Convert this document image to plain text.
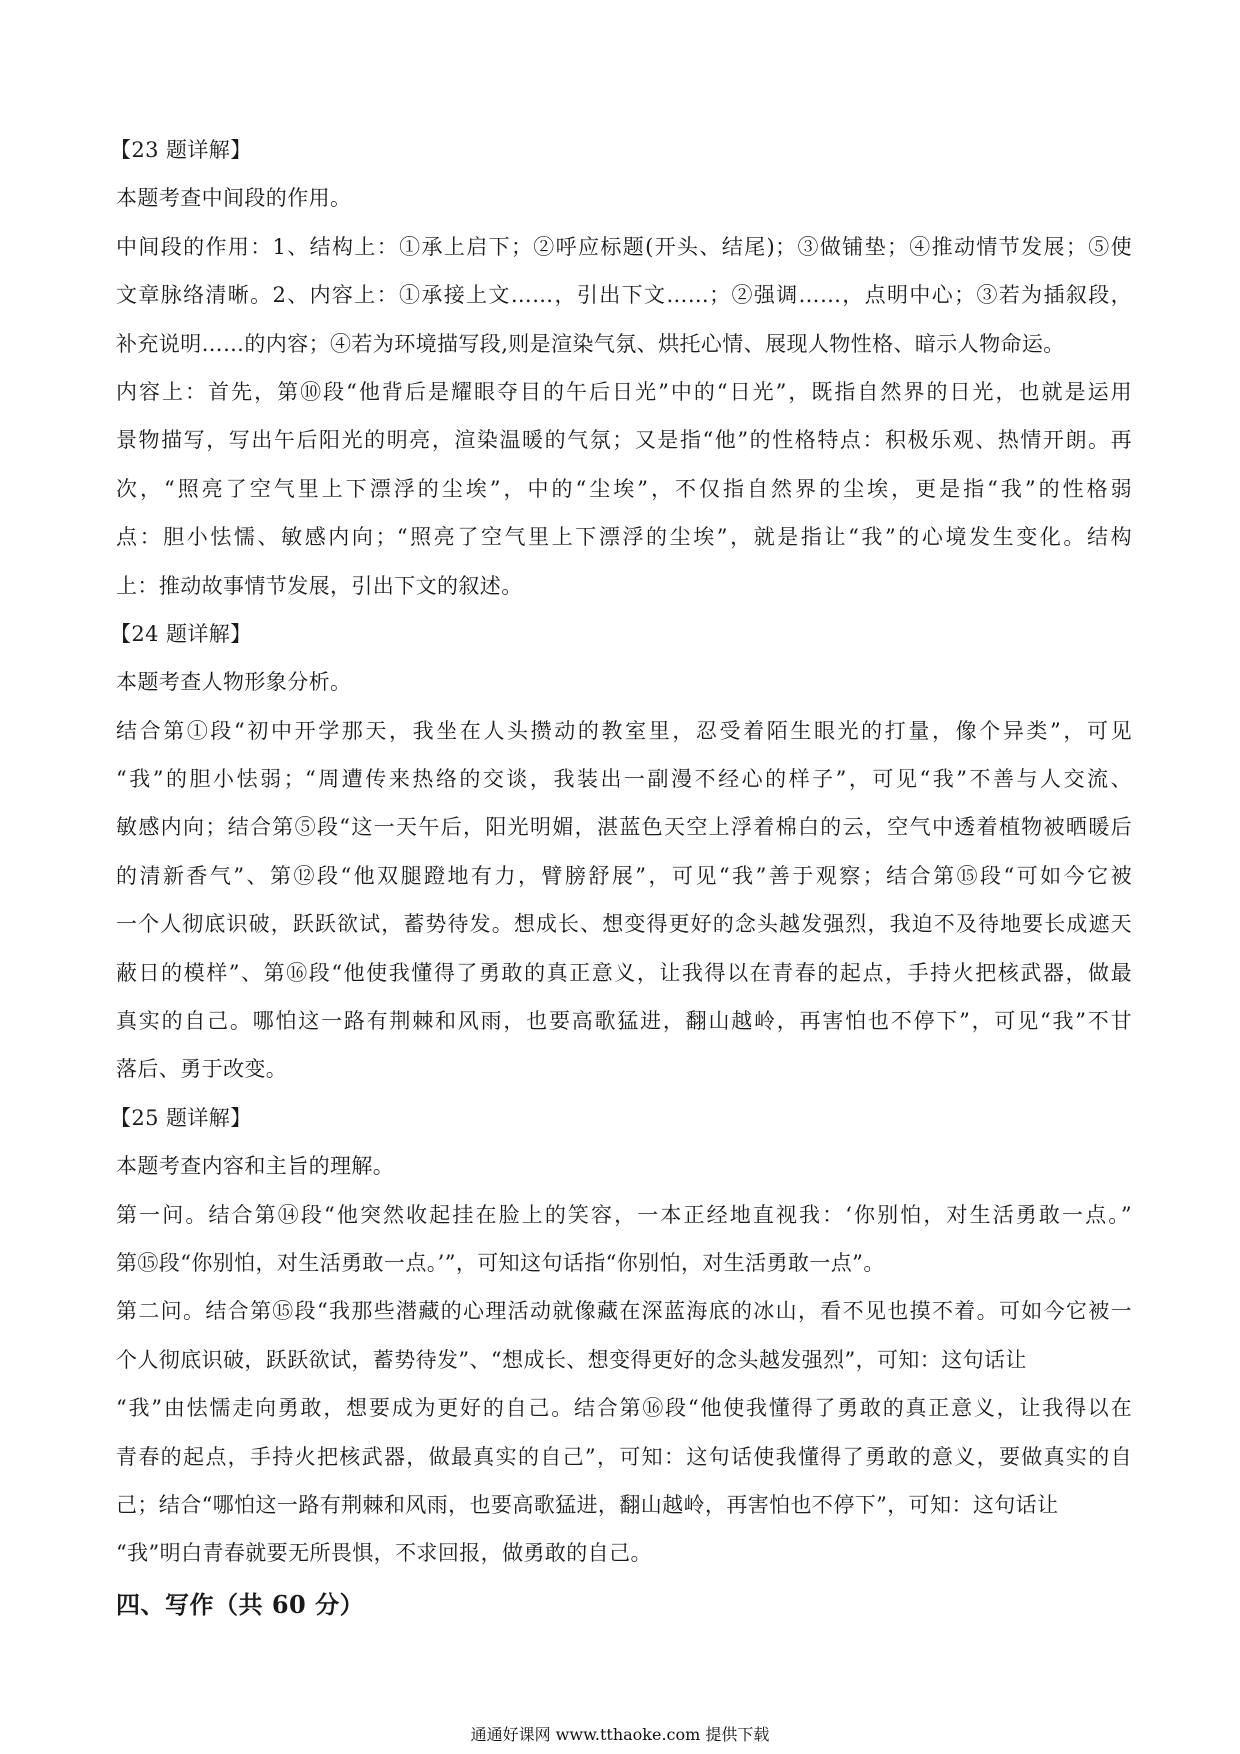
【23 题详解】
本题考查中间段的作用。
中间段的作用：1、结构上：①承上启下；②呼应标题(开头、结尾)；③做铺垫；④推动情节发展；⑤使
文章脉络清晰。2、内容上：①承接上文……，引出下文……；②强调……，点明中心；③若为插叙段，
补充说明……的内容；④若为环境描写段,则是渲染气氛、烘托心情、展现人物性格、暗示人物命运。
内容上：首先，第⑩段“他背后是耀眼夺目的午后日光”中的“日光”，既指自然界的日光，也就是运用
景物描写，写出午后阳光的明亮，渲染温暖的气氛；又是指“他”的性格特点：积极乐观、热情开朗。再
次，“照亮了空气里上下漂浮的尘埃”，中的“尘埃”，不仅指自然界的尘埃，更是指“我”的性格弱
点：胆小怯懦、敏感内向；“照亮了空气里上下漂浮的尘埃”，就是指让“我”的心境发生变化。结构
上：推动故事情节发展，引出下文的叙述。
【24 题详解】
本题考查人物形象分析。
结合第①段“初中开学那天，我坐在人头攒动的教室里，忍受着陌生眼光的打量，像个异类”，可见
“我”的胆小怯弱；“周遭传来热络的交谈，我装出一副漫不经心的样子”，可见“我”不善与人交流、
敏感内向；结合第⑤段“这一天午后，阳光明媚，湛蓝色天空上浮着棉白的云，空气中透着植物被晒暖后
的清新香气”、第⑫段“他双腿蹬地有力，臂膀舒展”，可见“我”善于观察；结合第⑮段“可如今它被
一个人彻底识破，跃跃欲试，蓄势待发。想成长、想变得更好的念头越发强烈，我迫不及待地要长成遮天
蔽日的模样”、第⑯段“他使我懂得了勇敢的真正意义，让我得以在青春的起点，手持火把核武器，做最
真实的自己。哪怕这一路有荆棘和风雨，也要高歌猛进，翻山越岭，再害怕也不停下”，可见“我”不甘
落后、勇于改变。
【25 题详解】
本题考查内容和主旨的理解。
第一问。结合第⑭段“他突然收起挂在脸上的笑容，一本正经地直视我：‘你别怕，对生活勇敢一点。”
第⑮段“你别怕，对生活勇敢一点。’”，可知这句话指“你别怕，对生活勇敢一点”。
第二问。结合第⑮段“我那些潜藏的心理活动就像藏在深蓝海底的冰山，看不见也摸不着。可如今它被一
个人彻底识破，跃跃欲试，蓄势待发”、“想成长、想变得更好的念头越发强烈”，可知：这句话让
“我”由怯懦走向勇敢，想要成为更好的自己。结合第⑯段“他使我懂得了勇敢的真正意义，让我得以在
青春的起点，手持火把核武器，做最真实的自己”，可知：这句话使我懂得了勇敢的意义，要做真实的自
己；结合“哪怕这一路有荆棘和风雨，也要高歌猛进，翻山越岭，再害怕也不停下”，可知：这句话让
“我”明白青春就要无所畏惧，不求回报，做勇敢的自己。
四、写作（共 60 分）
通通好课网 www.tthaoke.com 提供下载
